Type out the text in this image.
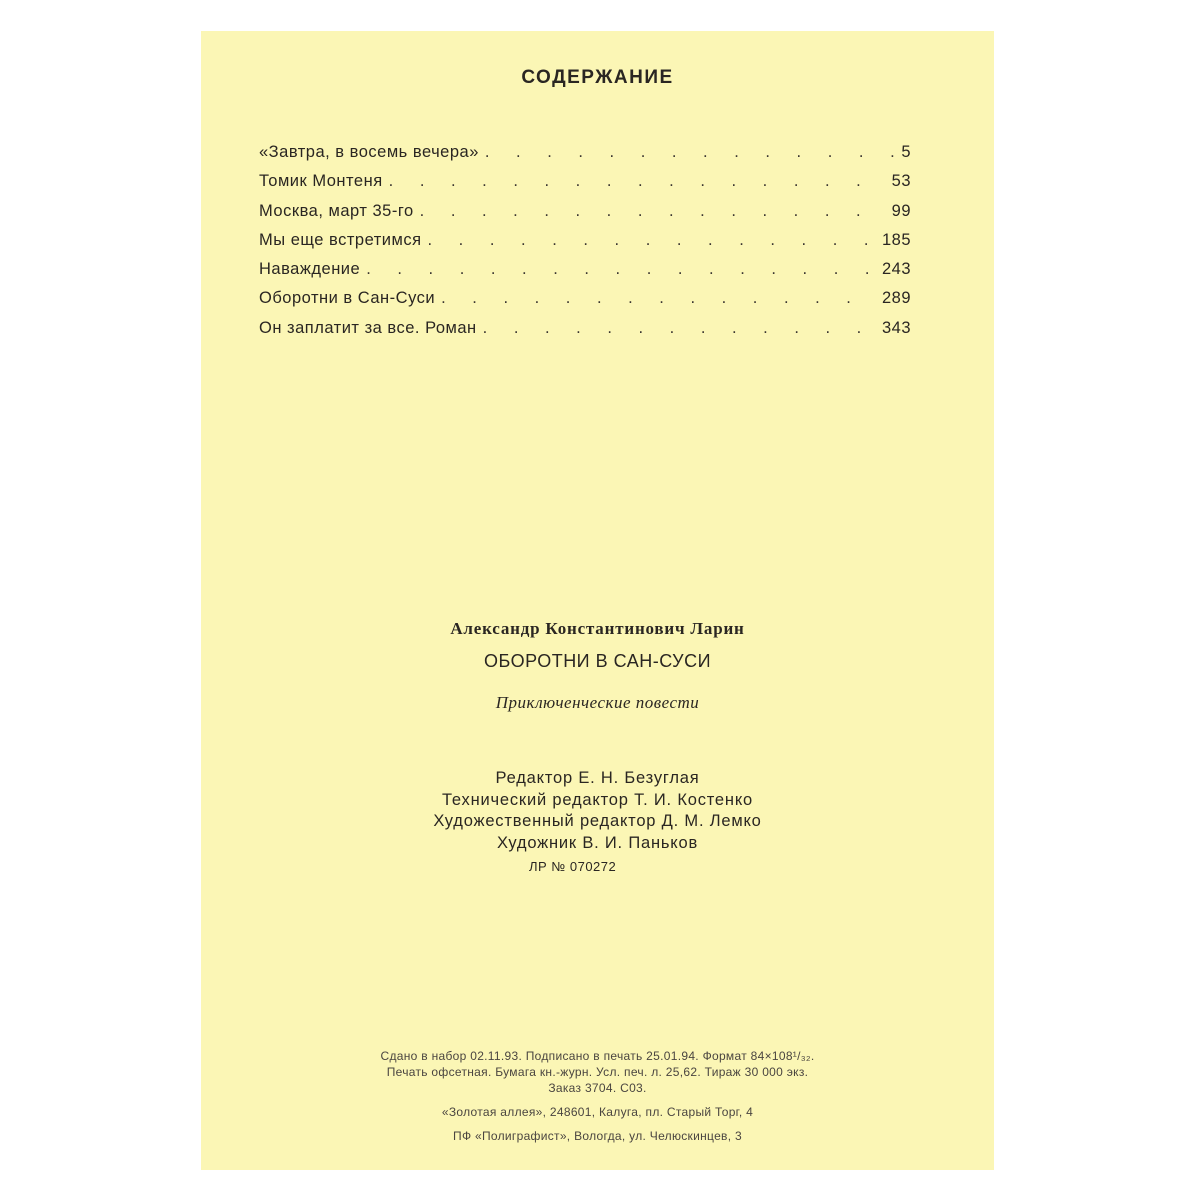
СОДЕРЖАНИЕ
«Завтра, в восемь вечера» . . .	5
Томик Монтеня . . .	53
Москва, март 35-го . . .	99
Мы еще встретимся . . .	185
Наваждение . . .	243
Оборотни в Сан-Суси . . .	289
Он заплатит за все. Роман . . .	343
Александр Константинович Ларин
ОБОРОТНИ В САН-СУСИ
Приключенческие повести
Редактор Е. Н. Безуглая
Технический редактор Т. И. Костенко
Художественный редактор Д. М. Лемко
Художник В. И. Паньков
ЛР № 070272
Сдано в набор 02.11.93. Подписано в печать 25.01.94. Формат 84×108¹/₃₂.
Печать офсетная. Бумага кн.-журн. Усл. печ. л. 25,62. Тираж 30 000 экз.
Заказ 3704. С03.
«Золотая аллея», 248601, Калуга, пл. Старый Торг, 4
ПФ «Полиграфист», Вологда, ул. Челюскинцев, 3
